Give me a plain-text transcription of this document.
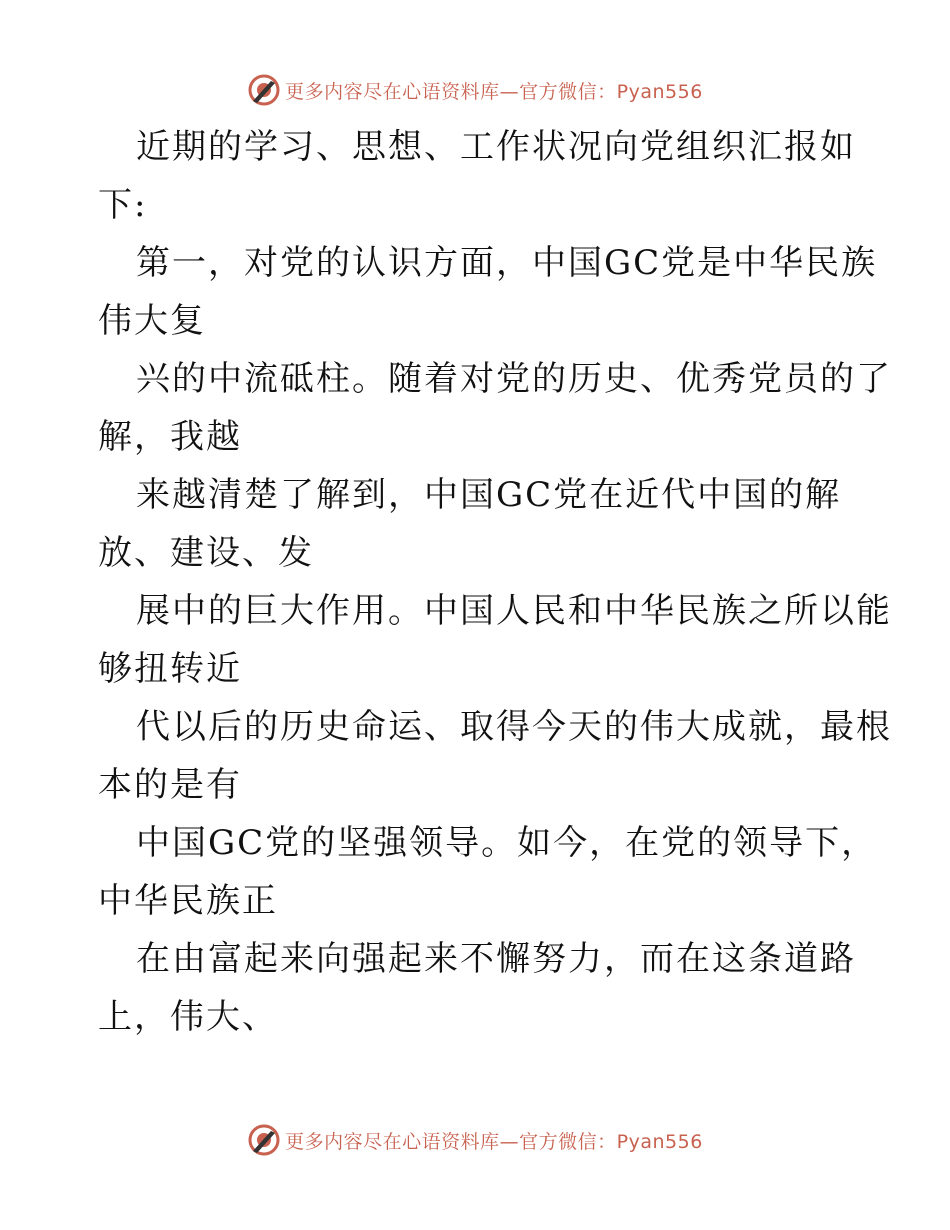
更多内容尽在心语资料库—官方微信：Pyan556
近期的学习、思想、工作状况向党组织汇报如
下:
第一，对党的认识方面，中国GC党是中华民族
伟大复
兴的中流砥柱。随着对党的历史、优秀党员的了
解，我越
来越清楚了解到，中国GC党在近代中国的解
放、建设、发
展中的巨大作用。中国人民和中华民族之所以能
够扭转近
代以后的历史命运、取得今天的伟大成就，最根
本的是有
中国GC党的坚强领导。如今，在党的领导下，
中华民族正
在由富起来向强起来不懈努力，而在这条道路
上，伟大、
更多内容尽在心语资料库—官方微信：Pyan556
